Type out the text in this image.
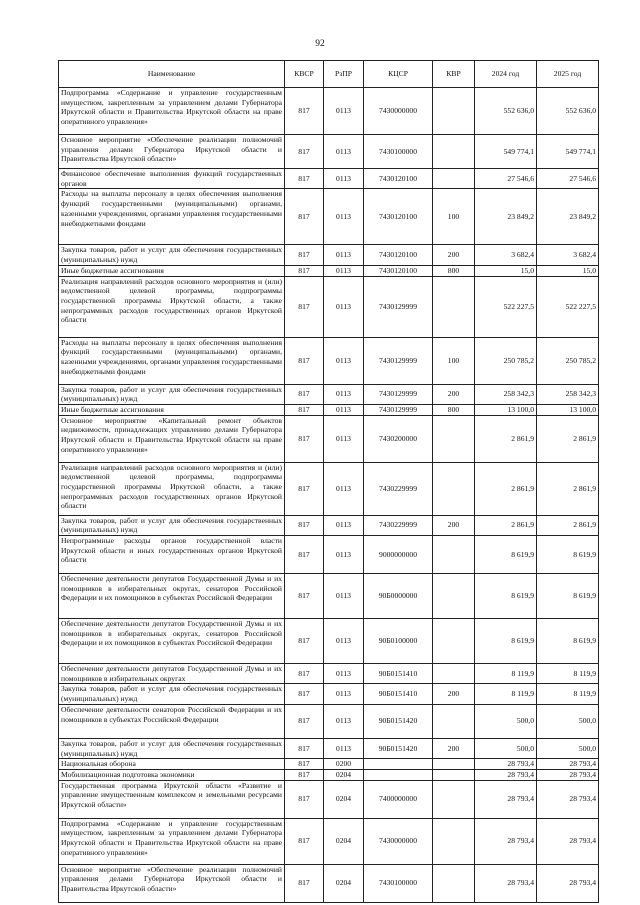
92
Наименование	КВСР	РзПР	КЦСР	КВР	2024 год	2025 год
Подпрограмма «Содержание и управление государственным имуществом, закрепленным за управлением делами Губернатора Иркутской области и Правительства Иркутской области на праве оперативного управления»	817	0113	7430000000		552 636,0	552 636,0
Основное мероприятие «Обеспечение реализации полномочий управления делами Губернатора Иркутской области и Правительства Иркутской области»	817	0113	7430100000		549 774,1	549 774,1
Финансовое обеспечение выполнения функций государственных органов	817	0113	7430120100		27 546,6	27 546,6
Расходы на выплаты персоналу в целях обеспечения выполнения функций государственными (муниципальными) органами, казенными учреждениями, органами управления государственными внебюджетными фондами	817	0113	7430120100	100	23 849,2	23 849,2
Закупка товаров, работ и услуг для обеспечения государственных (муниципальных) нужд	817	0113	7430120100	200	3 682,4	3 682,4
Иные бюджетные ассигнования	817	0113	7430120100	800	15,0	15,0
Реализация направлений расходов основного мероприятия и (или) ведомственной целевой программы, подпрограммы государственной программы Иркутской области, а также непрограммных расходов государственных органов Иркутской области	817	0113	7430129999		522 227,5	522 227,5
Расходы на выплаты персоналу в целях обеспечения выполнения функций государственными (муниципальными) органами, казенными учреждениями, органами управления государственными внебюджетными фондами	817	0113	7430129999	100	250 785,2	250 785,2
Закупка товаров, работ и услуг для обеспечения государственных (муниципальных) нужд	817	0113	7430129999	200	258 342,3	258 342,3
Иные бюджетные ассигнования	817	0113	7430129999	800	13 100,0	13 100,0
Основное мероприятие «Капитальный ремонт объектов недвижимости, принадлежащих управлению делами Губернатора Иркутской области и Правительства Иркутской области на праве оперативного управления»	817	0113	7430200000		2 861,9	2 861,9
Реализация направлений расходов основного мероприятия и (или) ведомственной целевой программы, подпрограммы государственной программы Иркутской области, а также непрограммных расходов государственных органов Иркутской области	817	0113	7430229999		2 861,9	2 861,9
Закупка товаров, работ и услуг для обеспечения государственных (муниципальных) нужд	817	0113	7430229999	200	2 861,9	2 861,9
Непрограммные расходы органов государственной власти Иркутской области и иных государственных органов Иркутской области	817	0113	9000000000		8 619,9	8 619,9
Обеспечение деятельности депутатов Государственной Думы и их помощников в избирательных округах, сенаторов Российской Федерации и их помощников в субъектах Российской Федерации	817	0113	90Б0000000		8 619,9	8 619,9
Обеспечение деятельности депутатов Государственной Думы и их помощников в избирательных округах, сенаторов Российской Федерации и их помощников в субъектах Российской Федерации	817	0113	90Б0100000		8 619,9	8 619,9
Обеспечение деятельности депутатов Государственной Думы и их помощников в избирательных округах	817	0113	90Б0151410		8 119,9	8 119,9
Закупка товаров, работ и услуг для обеспечения государственных (муниципальных) нужд	817	0113	90Б0151410	200	8 119,9	8 119,9
Обеспечение деятельности сенаторов Российской Федерации и их помощников в субъектах Российской Федерации	817	0113	90Б0151420		500,0	500,0
Закупка товаров, работ и услуг для обеспечения государственных (муниципальных) нужд	817	0113	90Б0151420	200	500,0	500,0
Национальная оборона	817	0200			28 793,4	28 793,4
Мобилизационная подготовка экономики	817	0204			28 793,4	28 793,4
Государственная программа Иркутской области «Развитие и управление имущественным комплексом и земельными ресурсами Иркутской области»	817	0204	7400000000		28 793,4	28 793,4
Подпрограмма «Содержание и управление государственным имуществом, закрепленным за управлением делами Губернатора Иркутской области и Правительства Иркутской области на праве оперативного управления»	817	0204	7430000000		28 793,4	28 793,4
Основное мероприятие «Обеспечение реализации полномочий управления делами Губернатора Иркутской области и Правительства Иркутской области»	817	0204	7430100000		28 793,4	28 793,4
